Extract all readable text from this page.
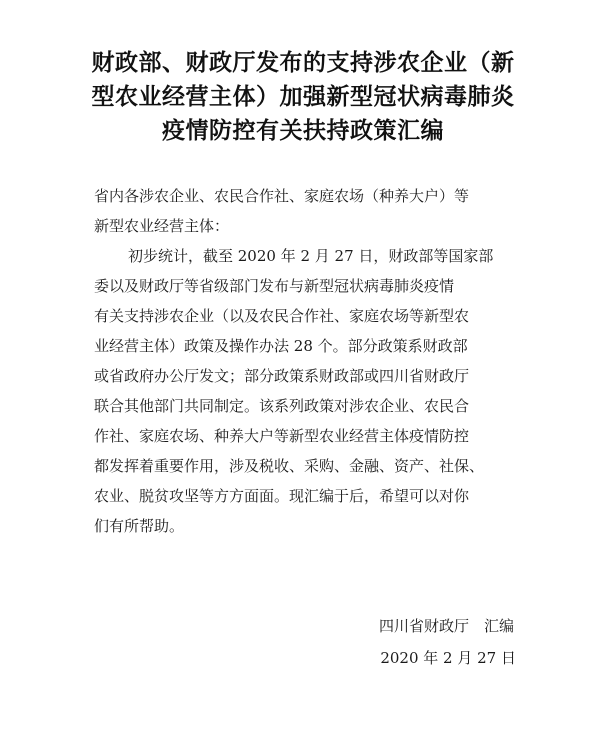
财政部、财政厅发布的支持涉农企业（新
型农业经营主体）加强新型冠状病毒肺炎
疫情防控有关扶持政策汇编
省内各涉农企业、农民合作社、家庭农场（种养大户）等
新型农业经营主体：
初步统计，截至 2020 年 2 月 27 日，财政部等国家部
委以及财政厅等省级部门发布与新型冠状病毒肺炎疫情
有关支持涉农企业（以及农民合作社、家庭农场等新型农
业经营主体）政策及操作办法 28 个。部分政策系财政部
或省政府办公厅发文；部分政策系财政部或四川省财政厅
联合其他部门共同制定。该系列政策对涉农企业、农民合
作社、家庭农场、种养大户等新型农业经营主体疫情防控
都发挥着重要作用，涉及税收、采购、金融、资产、社保、
农业、脱贫攻坚等方方面面。现汇编于后，希望可以对你
们有所帮助。
四川省财政厅　汇编
2020 年 2 月 27 日
